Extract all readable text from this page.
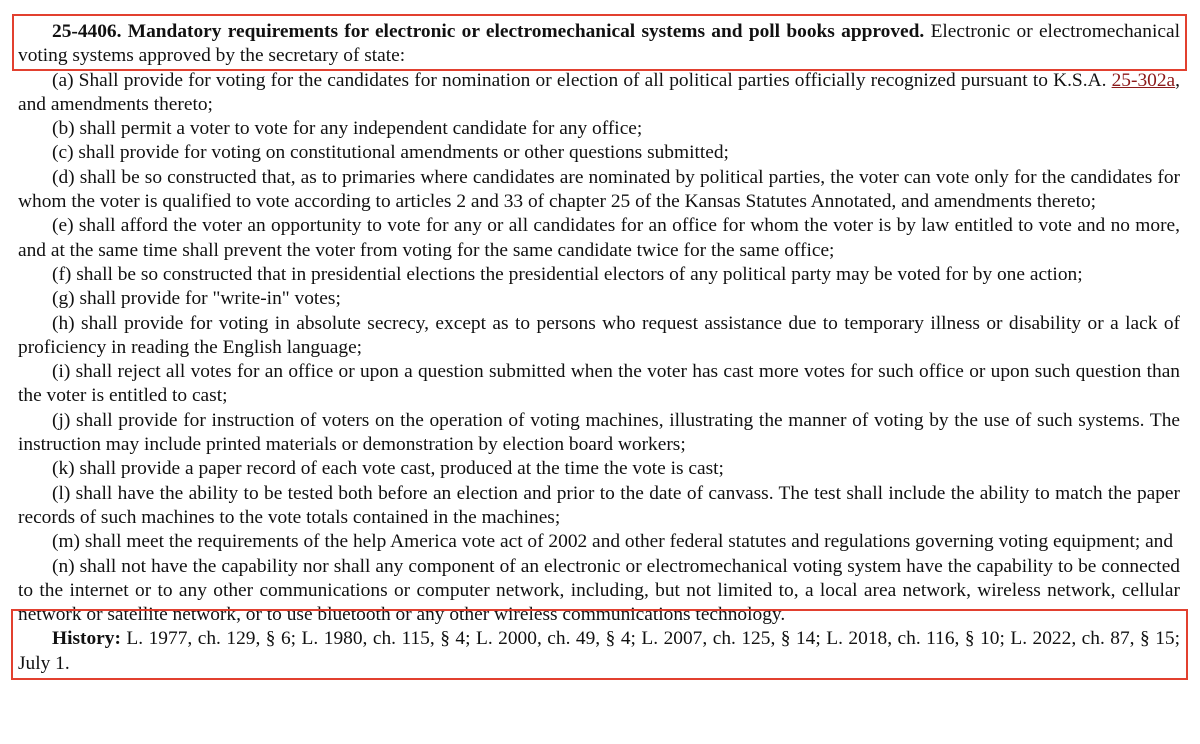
25-4406. Mandatory requirements for electronic or electromechanical systems and poll books approved. Electronic or electromechanical voting systems approved by the secretary of state:

(a) Shall provide for voting for the candidates for nomination or election of all political parties officially recognized pursuant to K.S.A. 25-302a, and amendments thereto;

(b) shall permit a voter to vote for any independent candidate for any office;

(c) shall provide for voting on constitutional amendments or other questions submitted;

(d) shall be so constructed that, as to primaries where candidates are nominated by political parties, the voter can vote only for the candidates for whom the voter is qualified to vote according to articles 2 and 33 of chapter 25 of the Kansas Statutes Annotated, and amendments thereto;

(e) shall afford the voter an opportunity to vote for any or all candidates for an office for whom the voter is by law entitled to vote and no more, and at the same time shall prevent the voter from voting for the same candidate twice for the same office;

(f) shall be so constructed that in presidential elections the presidential electors of any political party may be voted for by one action;

(g) shall provide for "write-in" votes;

(h) shall provide for voting in absolute secrecy, except as to persons who request assistance due to temporary illness or disability or a lack of proficiency in reading the English language;

(i) shall reject all votes for an office or upon a question submitted when the voter has cast more votes for such office or upon such question than the voter is entitled to cast;

(j) shall provide for instruction of voters on the operation of voting machines, illustrating the manner of voting by the use of such systems. The instruction may include printed materials or demonstration by election board workers;

(k) shall provide a paper record of each vote cast, produced at the time the vote is cast;

(l) shall have the ability to be tested both before an election and prior to the date of canvass. The test shall include the ability to match the paper records of such machines to the vote totals contained in the machines;

(m) shall meet the requirements of the help America vote act of 2002 and other federal statutes and regulations governing voting equipment; and

(n) shall not have the capability nor shall any component of an electronic or electromechanical voting system have the capability to be connected to the internet or to any other communications or computer network, including, but not limited to, a local area network, wireless network, cellular network or satellite network, or to use bluetooth or any other wireless communications technology.

History: L. 1977, ch. 129, § 6; L. 1980, ch. 115, § 4; L. 2000, ch. 49, § 4; L. 2007, ch. 125, § 14; L. 2018, ch. 116, § 10; L. 2022, ch. 87, § 15; July 1.
